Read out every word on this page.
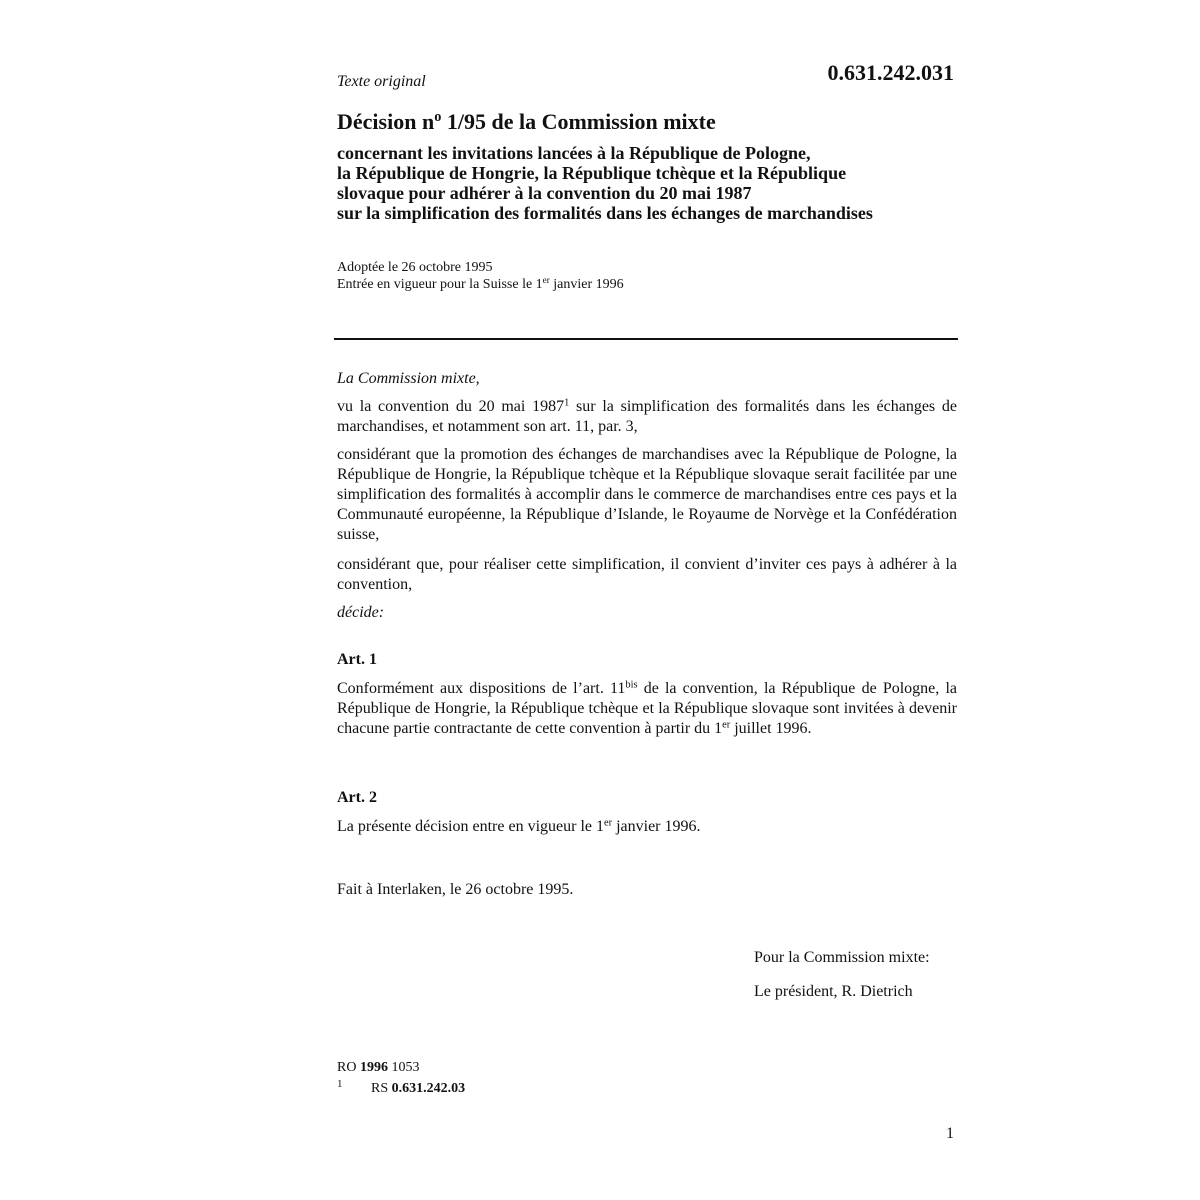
Texte original	0.631.242.031
Décision $n^o$ 1/95 de la Commission mixte
concernant les invitations lancées à la République de Pologne,
la République de Hongrie, la République tchèque et la République
slovaque pour adhérer à la convention du 20 mai 1987
sur la simplification des formalités dans les échanges de marchandises
Adoptée le 26 octobre 1995
Entrée en vigueur pour la Suisse le 1er janvier 1996
La Commission mixte,
vu la convention du 20 mai 1987$^1$ sur la simplification des formalités dans les échanges de marchandises, et notamment son art. 11, par. 3,
considérant que la promotion des échanges de marchandises avec la République de Pologne, la République de Hongrie, la République tchèque et la République slovaque serait facilitée par une simplification des formalités à accomplir dans le commerce de marchandises entre ces pays et la Communauté européenne, la République d’Islande, le Royaume de Norvège et la Confédération suisse,
considérant que, pour réaliser cette simplification, il convient d’inviter ces pays à adhérer à la convention,
décide:
Art. 1
Conformément aux dispositions de l’art. $11^{bis}$ de la convention, la République de Pologne, la République de Hongrie, la République tchèque et la République slovaque sont invitées à devenir chacune partie contractante de cette convention à partir du 1er juillet 1996.
Art. 2
La présente décision entre en vigueur le 1er janvier 1996.
Fait à Interlaken, le 26 octobre 1995.
Pour la Commission mixte:
Le président, R. Dietrich
RO 1996 1053
1 RS 0.631.242.03
1
